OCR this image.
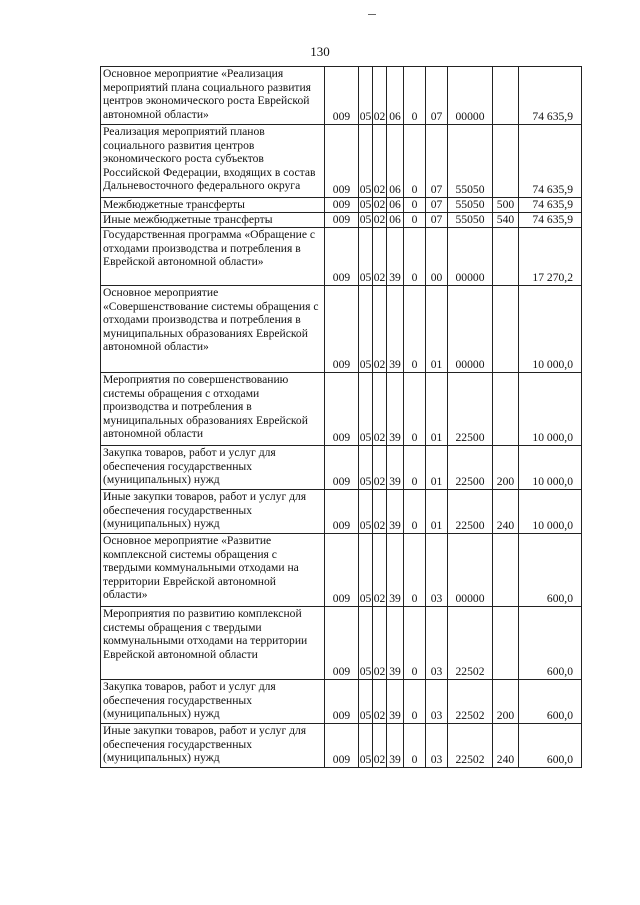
130
Основное мероприятие «Реализация мероприятий плана социального развития центров экономического роста Еврейской автономной области»	009	05	02	06	0	07	00000		74 635,9
Реализация мероприятий планов социального развития центров экономического роста субъектов Российской Федерации, входящих в состав Дальневосточного федерального округа	009	05	02	06	0	07	55050		74 635,9
Межбюджетные трансферты	009	05	02	06	0	07	55050	500	74 635,9
Иные межбюджетные трансферты	009	05	02	06	0	07	55050	540	74 635,9
Государственная программа «Обращение с отходами производства и потребления в Еврейской автономной области»	009	05	02	39	0	00	00000		17 270,2
Основное мероприятие «Совершенствование системы обращения с отходами производства и потребления в муниципальных образованиях Еврейской автономной области»	009	05	02	39	0	01	00000		10 000,0
Мероприятия по совершенствованию системы обращения с отходами производства и потребления в муниципальных образованиях Еврейской автономной области	009	05	02	39	0	01	22500		10 000,0
Закупка товаров, работ и услуг для обеспечения государственных (муниципальных) нужд	009	05	02	39	0	01	22500	200	10 000,0
Иные закупки товаров, работ и услуг для обеспечения государственных (муниципальных) нужд	009	05	02	39	0	01	22500	240	10 000,0
Основное мероприятие «Развитие комплексной системы обращения с твердыми коммунальными отходами на территории Еврейской автономной области»	009	05	02	39	0	03	00000		600,0
Мероприятия по развитию комплексной системы обращения с твердыми коммунальными отходами на территории Еврейской автономной области	009	05	02	39	0	03	22502		600,0
Закупка товаров, работ и услуг для обеспечения государственных (муниципальных) нужд	009	05	02	39	0	03	22502	200	600,0
Иные закупки товаров, работ и услуг для обеспечения государственных (муниципальных) нужд	009	05	02	39	0	03	22502	240	600,0
